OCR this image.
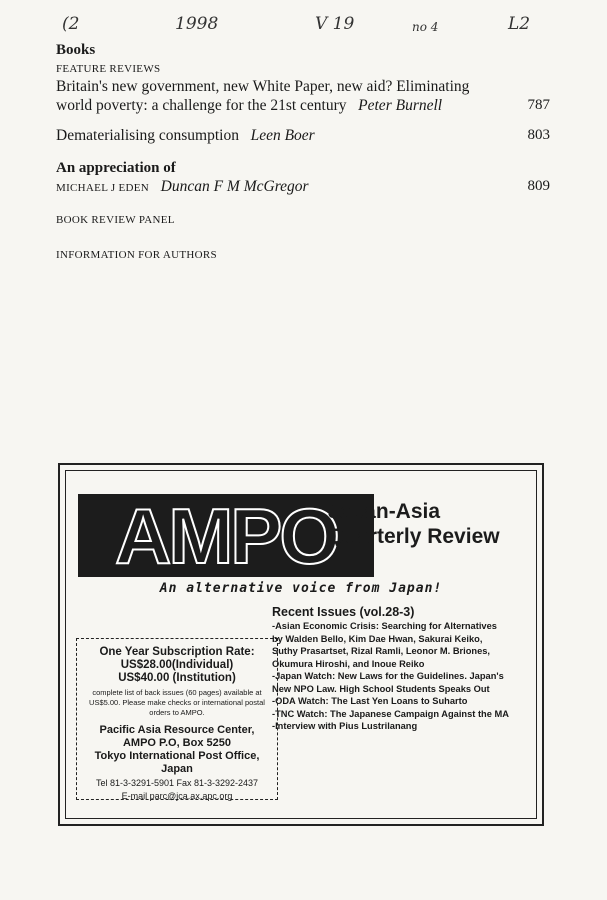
(2	1998	V 19	no 4	L2
Books
FEATURE REVIEWS
Britain's new government, new White Paper, new aid? Eliminating world poverty: a challenge for the 21st century Peter Burnell	787
Dematerialising consumption Leen Boer	803
An appreciation of
MICHAEL J EDEN Duncan F M McGregor	809
BOOK REVIEW PANEL
INFORMATION FOR AUTHORS
AMPO
Japan-Asia
Quarterly Review
An alternative voice from Japan!
One Year Subscription Rate:
US$28.00(Individual)
US$40.00 (Institution)
complete list of back issues (60 pages) available at US$5.00. Please make checks or international postal orders to AMPO.
Pacific Asia Resource Center,
AMPO P.O, Box 5250
Tokyo International Post Office,
Japan
Tel 81-3-3291-5901 Fax 81-3-3292-2437
E-mail parc@jca.ax.apc.org
Recent Issues (vol.28-3)
-Asian Economic Crisis: Searching for Alternatives
by Walden Bello, Kim Dae Hwan, Sakurai Keiko,
Suthy Prasartset, Rizal Ramli, Leonor M. Briones,
Okumura Hiroshi, and Inoue Reiko
-Japan Watch: New Laws for the Guidelines. Japan's
New NPO Law. High School Students Speaks Out
-ODA Watch: The Last Yen Loans to Suharto
-TNC Watch: The Japanese Campaign Against the MA
-Interview with Pius Lustrilanang
